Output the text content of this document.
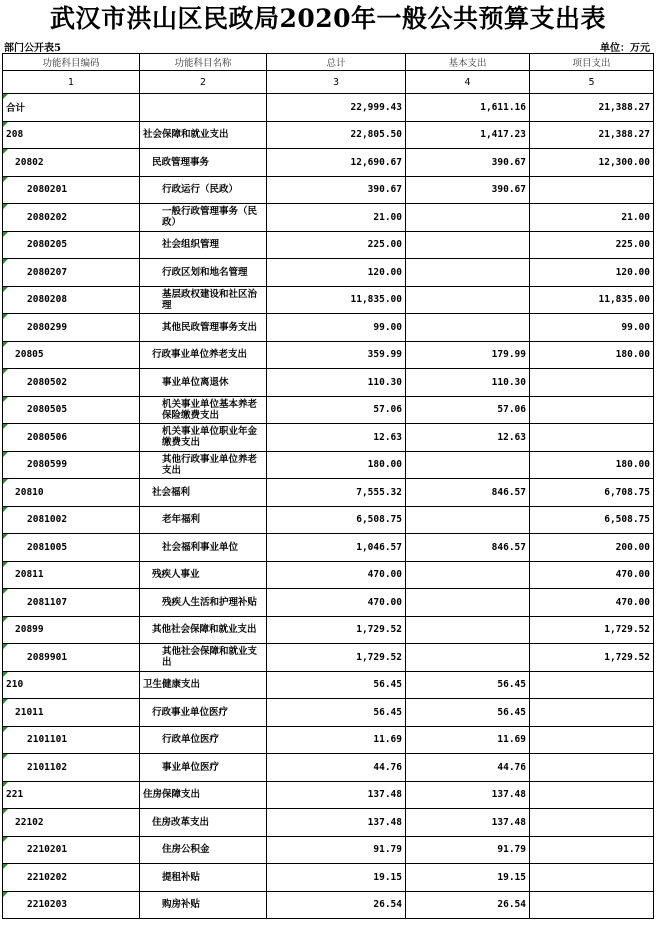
武汉市洪山区民政局2020年一般公共预算支出表
部门公开表5	单位：万元
功能科目编码	功能科目名称	总计	基本支出	项目支出
1	2	3	4	5

合计		22,999.43	1,611.16	21,388.27

208	社会保障和就业支出	22,805.50	1,417.23	21,388.27

20802	民政管理事务	12,690.67	390.67	12,300.00

2080201	行政运行（民政）	390.67	390.67	

2080202	一般行政管理事务（民政）	21.00		21.00

2080205	社会组织管理	225.00		225.00

2080207	行政区划和地名管理	120.00		120.00

2080208	基层政权建设和社区治理	11,835.00		11,835.00

2080299	其他民政管理事务支出	99.00		99.00

20805	行政事业单位养老支出	359.99	179.99	180.00

2080502	事业单位离退休	110.30	110.30	

2080505	机关事业单位基本养老保险缴费支出	57.06	57.06	

2080506	机关事业单位职业年金缴费支出	12.63	12.63	

2080599	其他行政事业单位养老支出	180.00		180.00

20810	社会福利	7,555.32	846.57	6,708.75

2081002	老年福利	6,508.75		6,508.75

2081005	社会福利事业单位	1,046.57	846.57	200.00

20811	残疾人事业	470.00		470.00

2081107	残疾人生活和护理补贴	470.00		470.00

20899	其他社会保障和就业支出	1,729.52		1,729.52

2089901	其他社会保障和就业支出	1,729.52		1,729.52

210	卫生健康支出	56.45	56.45	

21011	行政事业单位医疗	56.45	56.45	

2101101	行政单位医疗	11.69	11.69	

2101102	事业单位医疗	44.76	44.76	

221	住房保障支出	137.48	137.48	

22102	住房改革支出	137.48	137.48	

2210201	住房公积金	91.79	91.79	

2210202	提租补贴	19.15	19.15	

2210203	购房补贴	26.54	26.54	
